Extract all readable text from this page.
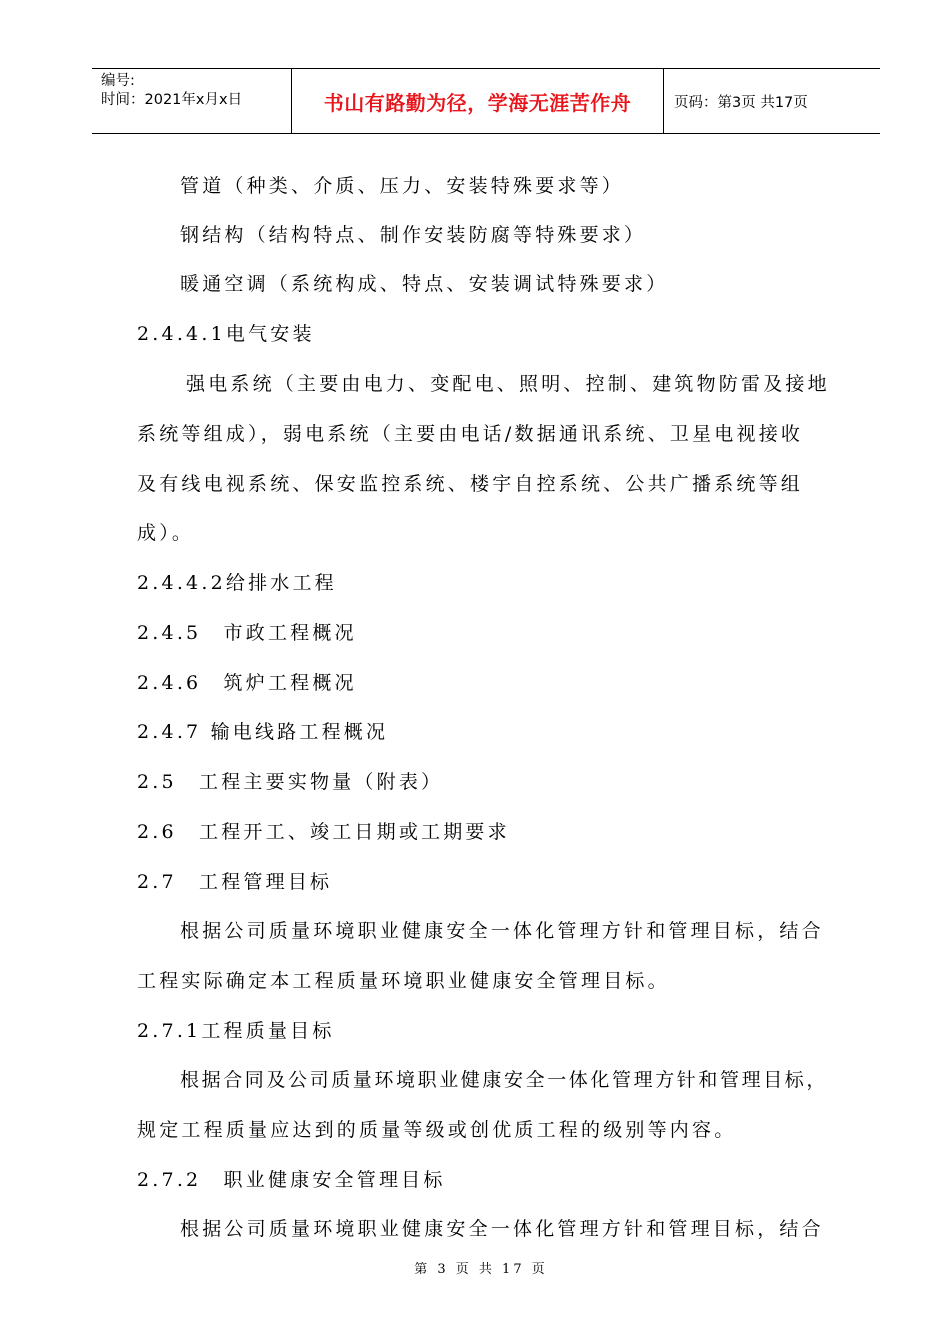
编号:
时间：2021年x月x日	书山有路勤为径，学海无涯苦作舟	页码：第3页 共17页
管道（种类、介质、压力、安装特殊要求等）
钢结构（结构特点、制作安装防腐等特殊要求）
暖通空调（系统构成、特点、安装调试特殊要求）
2.4.4.1电气安装
强电系统（主要由电力、变配电、照明、控制、建筑物防雷及接地
系统等组成），弱电系统（主要由电话/数据通讯系统、卫星电视接收
及有线电视系统、保安监控系统、楼宇自控系统、公共广播系统等组
成）。
2.4.4.2给排水工程
2.4.5　市政工程概况
2.4.6　筑炉工程概况
2.4.7 输电线路工程概况
2.5　工程主要实物量（附表）
2.6　工程开工、竣工日期或工期要求
2.7　工程管理目标
根据公司质量环境职业健康安全一体化管理方针和管理目标，结合
工程实际确定本工程质量环境职业健康安全管理目标。
2.7.1工程质量目标
根据合同及公司质量环境职业健康安全一体化管理方针和管理目标，
规定工程质量应达到的质量等级或创优质工程的级别等内容。
2.7.2　职业健康安全管理目标
根据公司质量环境职业健康安全一体化管理方针和管理目标，结合
第 3 页 共 17 页
